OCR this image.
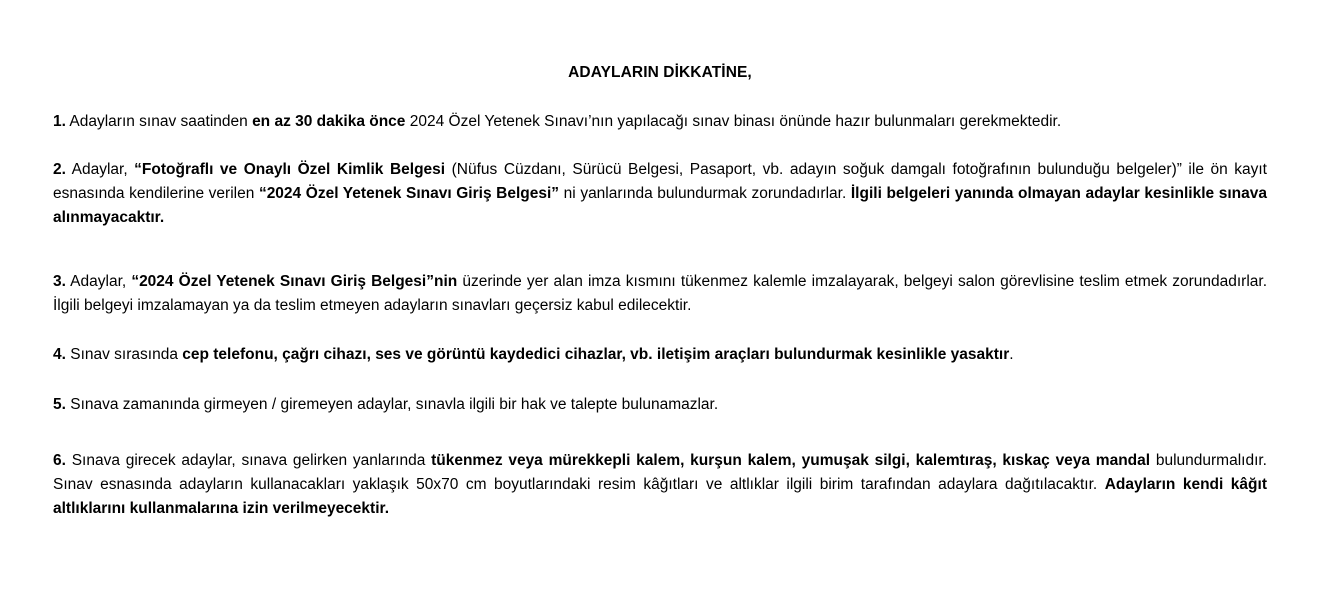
ADAYLARIN DİKKATİNE,

1. Adayların sınav saatinden en az 30 dakika önce 2024 Özel Yetenek Sınavı’nın yapılacağı sınav binası önünde hazır bulunmaları gerekmektedir.

2. Adaylar, “Fotoğraflı ve Onaylı Özel Kimlik Belgesi (Nüfus Cüzdanı, Sürücü Belgesi, Pasaport, vb. adayın soğuk damgalı fotoğrafının bulunduğu belgeler)” ile ön kayıt esnasında kendilerine verilen “2024 Özel Yetenek Sınavı Giriş Belgesi” ni yanlarında bulundurmak zorundadırlar. İlgili belgeleri yanında olmayan adaylar kesinlikle sınava alınmayacaktır.

3. Adaylar, “2024 Özel Yetenek Sınavı Giriş Belgesi”nin üzerinde yer alan imza kısmını tükenmez kalemle imzalayarak, belgeyi salon görevlisine teslim etmek zorundadırlar. İlgili belgeyi imzalamayan ya da teslim etmeyen adayların sınavları geçersiz kabul edilecektir.

4. Sınav sırasında cep telefonu, çağrı cihazı, ses ve görüntü kaydedici cihazlar, vb. iletişim araçları bulundurmak kesinlikle yasaktır.

5. Sınava zamanında girmeyen / giremeyen adaylar, sınavla ilgili bir hak ve talepte bulunamazlar.

6. Sınava girecek adaylar, sınava gelirken yanlarında tükenmez veya mürekkepli kalem, kurşun kalem, yumuşak silgi, kalemtıraş, kıskaç veya mandal bulundurmalıdır. Sınav esnasında adayların kullanacakları yaklaşık 50x70 cm boyutlarındaki resim kâğıtları ve altlıklar ilgili birim tarafından adaylara dağıtılacaktır. Adayların kendi kâğıt altlıklarını kullanmalarına izin verilmeyecektir.
